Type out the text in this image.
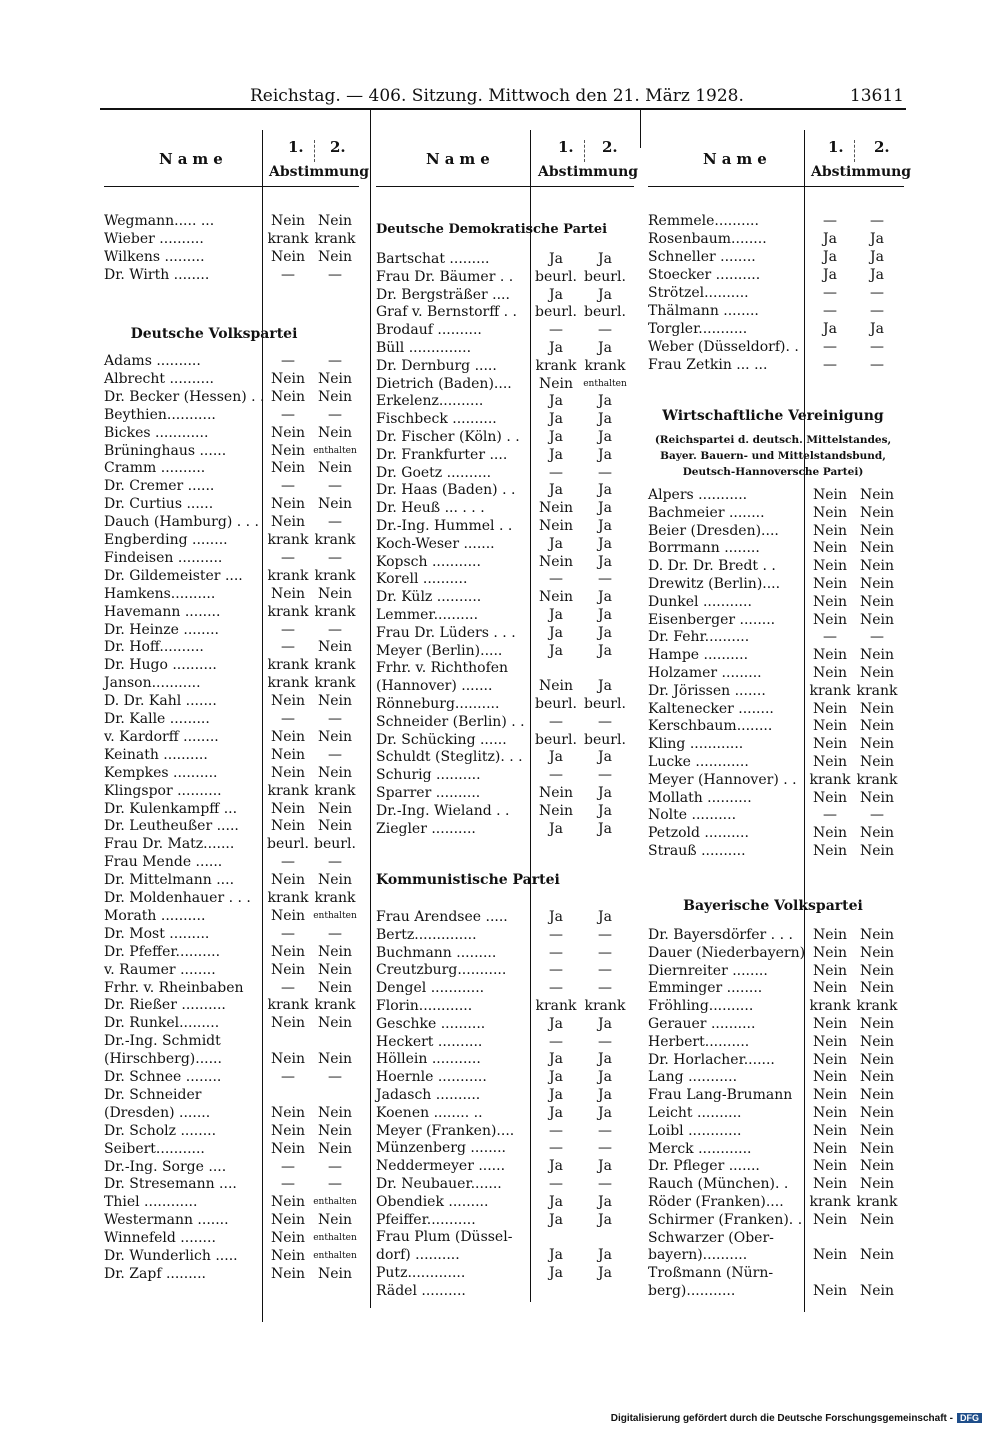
Reichstag. — 406. Sitzung. Mittwoch den 21. März 1928.	13611
Name
1. 2.
Abstimmung
Deutsche Volkspartei
Wegmann..... ...	Nein Nein
Wieber ..........	krank krank
Wilkens .........	Nein Nein
Dr. Wirth ........	—	—
Adams ..........	—	—
Albrecht ..........	Nein Nein
Dr. Becker (Hessen) . . Nein Nein
Beythien...........	—	—
Bickes ............	Nein Nein
Brüninghaus ......	Nein enthalten
Cramm ..........	Nein Nein
Dr. Cremer ......	—	—
Dr. Curtius ......	Nein Nein
Dauch (Hamburg) . . . Nein	—
Engberding ........	krank krank
Findeisen ..........	—	—
Dr. Gildemeister .... krank krank
Hamkens..........	Nein Nein
Havemann ........	krank krank
Dr. Heinze ........	—	—
Dr. Hoff..........	—	Nein
Dr. Hugo ..........	krank krank
Janson...........	krank krank
D. Dr. Kahl .......	Nein Nein
Dr. Kalle .........	—	—
v. Kardorff ........	Nein Nein
Keinath ..........	Nein	—
Kempkes ..........	Nein Nein
Klingspor ..........	krank krank
Dr. Kulenkampff ...	Nein Nein
Dr. Leutheußer .....	Nein Nein
Frau Dr. Matz....... beurl. beurl.
Frau Mende ......	—	—
Dr. Mittelmann ....	Nein Nein
Dr. Moldenhauer . . . krank krank
Morath ..........	Nein enthalten
Dr. Most .........	—	—
Dr. Pfeffer..........	Nein Nein
v. Raumer ........	Nein Nein
Frhr. v. Rheinbaben	—	Nein
Dr. Rießer ..........	krank krank
Dr. Runkel.........	Nein Nein
Dr.-Ing. Schmidt
(Hirschberg)......	Nein Nein
Dr. Schnee ........	—	—
Dr. Schneider
(Dresden) .......	Nein Nein
Dr. Scholz ........	Nein Nein
Seibert...........	Nein Nein
Dr.-Ing. Sorge ....	—	—
Dr. Stresemann ....	—	—
Thiel ............	Nein enthalten
Westermann .......	Nein Nein
Winnefeld ........	Nein enthalten
Dr. Wunderlich .....	Nein enthalten
Dr. Zapf .........	Nein Nein
Name
1. 2.
Abstimmung
Deutsche Demokratische Partei
Kommunistische Partei
Bartschat .........	Ja	Ja
Frau Dr. Bäumer . . beurl. beurl.
Dr. Bergsträßer ....	Ja	Ja
Graf v. Bernstorff . . beurl. beurl.
Brodauf ..........	—	—
Büll ..............	Ja	Ja
Dr. Dernburg .....	krank krank
Dietrich (Baden)....	Nein	enthalten
Erkelenz..........	Ja	Ja
Fischbeck ..........	Ja	Ja
Dr. Fischer (Köln) . .	Ja	Ja
Dr. Frankfurter ....	Ja	Ja
Dr. Goetz ..........	—	—
Dr. Haas (Baden) . .	Ja	Ja
Dr. Heuß ... . . .	Nein	Ja
Dr.-Ing. Hummel . .	Nein	Ja
Koch-Weser .......	Ja	Ja
Kopsch ...........	Nein	Ja
Korell ..........	—	—
Dr. Külz ..........	Nein	Ja
Lemmer..........	Ja	Ja
Frau Dr. Lüders . . .	Ja	Ja
Meyer (Berlin).....	Ja	Ja
Frhr. v. Richthofen
(Hannover) .......	Nein	Ja
Rönneburg..........	beurl. beurl.
Schneider (Berlin) . .	—	—
Dr. Schücking ...... beurl. beurl.
Schuldt (Steglitz). . .	Ja	Ja
Schurig ..........	—	—
Sparrer ..........	Nein	Ja
Dr.-Ing. Wieland . .	Nein	Ja
Ziegler ..........	Ja	Ja
Frau Arendsee .....	Ja	Ja
Bertz..............	—	—
Buchmann .........	—	—
Creutzburg...........	—	—
Dengel ............	—	—
Florin............	krank krank
Geschke ..........	Ja	Ja
Heckert ..........	—	—
Höllein ...........	Ja	Ja
Hoernle ...........	Ja	Ja
Jadasch ..........	Ja	Ja
Koenen ........ ..	Ja	Ja
Meyer (Franken)....	—	—
Münzenberg ........	—	—
Neddermeyer ......	Ja	Ja
Dr. Neubauer.......	—	—
Obendiek .........	Ja	Ja
Pfeiffer...........	Ja	Ja
Frau Plum (Düssel-
dorf) ..........	Ja	Ja
Putz.............	Ja	Ja
Rädel ..........
Name
1. 2.
Abstimmung
Wirtschaftliche Vereinigung
(Reichspartei d. deutsch. Mittelstandes,
Bayer. Bauern- und Mittelstandsbund,
Deutsch-Hannoversche Partei)
Bayerische Volkspartei
Remmele..........	—	—
Rosenbaum........	Ja	Ja
Schneller ........	Ja	Ja
Stoecker ..........	Ja	Ja
Strötzel..........	—	—
Thälmann ........	—	—
Torgler...........	Ja	Ja
Weber (Düsseldorf). .	—	—
Frau Zetkin ... ...	—	—
Alpers ...........	Nein Nein
Bachmeier ........	Nein Nein
Beier (Dresden)....	Nein Nein
Borrmann ........	Nein Nein
D. Dr. Dr. Bredt . .	Nein Nein
Drewitz (Berlin)....	Nein Nein
Dunkel ...........	Nein Nein
Eisenberger ........	Nein Nein
Dr. Fehr..........	—	—
Hampe ..........	Nein Nein
Holzamer .........	Nein Nein
Dr. Jörissen .......	krank krank
Kaltenecker ........	Nein Nein
Kerschbaum........	Nein Nein
Kling ............	Nein Nein
Lucke ............	Nein Nein
Meyer (Hannover) . . krank krank
Mollath ..........	Nein Nein
Nolte ..........	—	—
Petzold ..........	Nein Nein
Strauß ..........	Nein Nein
Dr. Bayersdörfer . . .	Nein Nein
Dauer (Niederbayern) Nein Nein
Diernreiter ........	Nein Nein
Emminger ........	Nein Nein
Fröhling..........	krank krank
Gerauer ..........	Nein Nein
Herbert..........	Nein Nein
Dr. Horlacher.......	Nein Nein
Lang ...........	Nein Nein
Frau Lang-Brumann	Nein Nein
Leicht ..........	Nein Nein
Loibl ............	Nein Nein
Merck ............	Nein Nein
Dr. Pfleger .......	Nein Nein
Rauch (München). .	Nein Nein
Röder (Franken).... krank krank
Schirmer (Franken). . Nein Nein
Schwarzer (Ober-
bayern)..........	Nein Nein
Troßmann (Nürn-
berg)...........	Nein Nein
Digitalisierung gefördert durch die Deutsche Forschungsgemeinschaft - DFG
